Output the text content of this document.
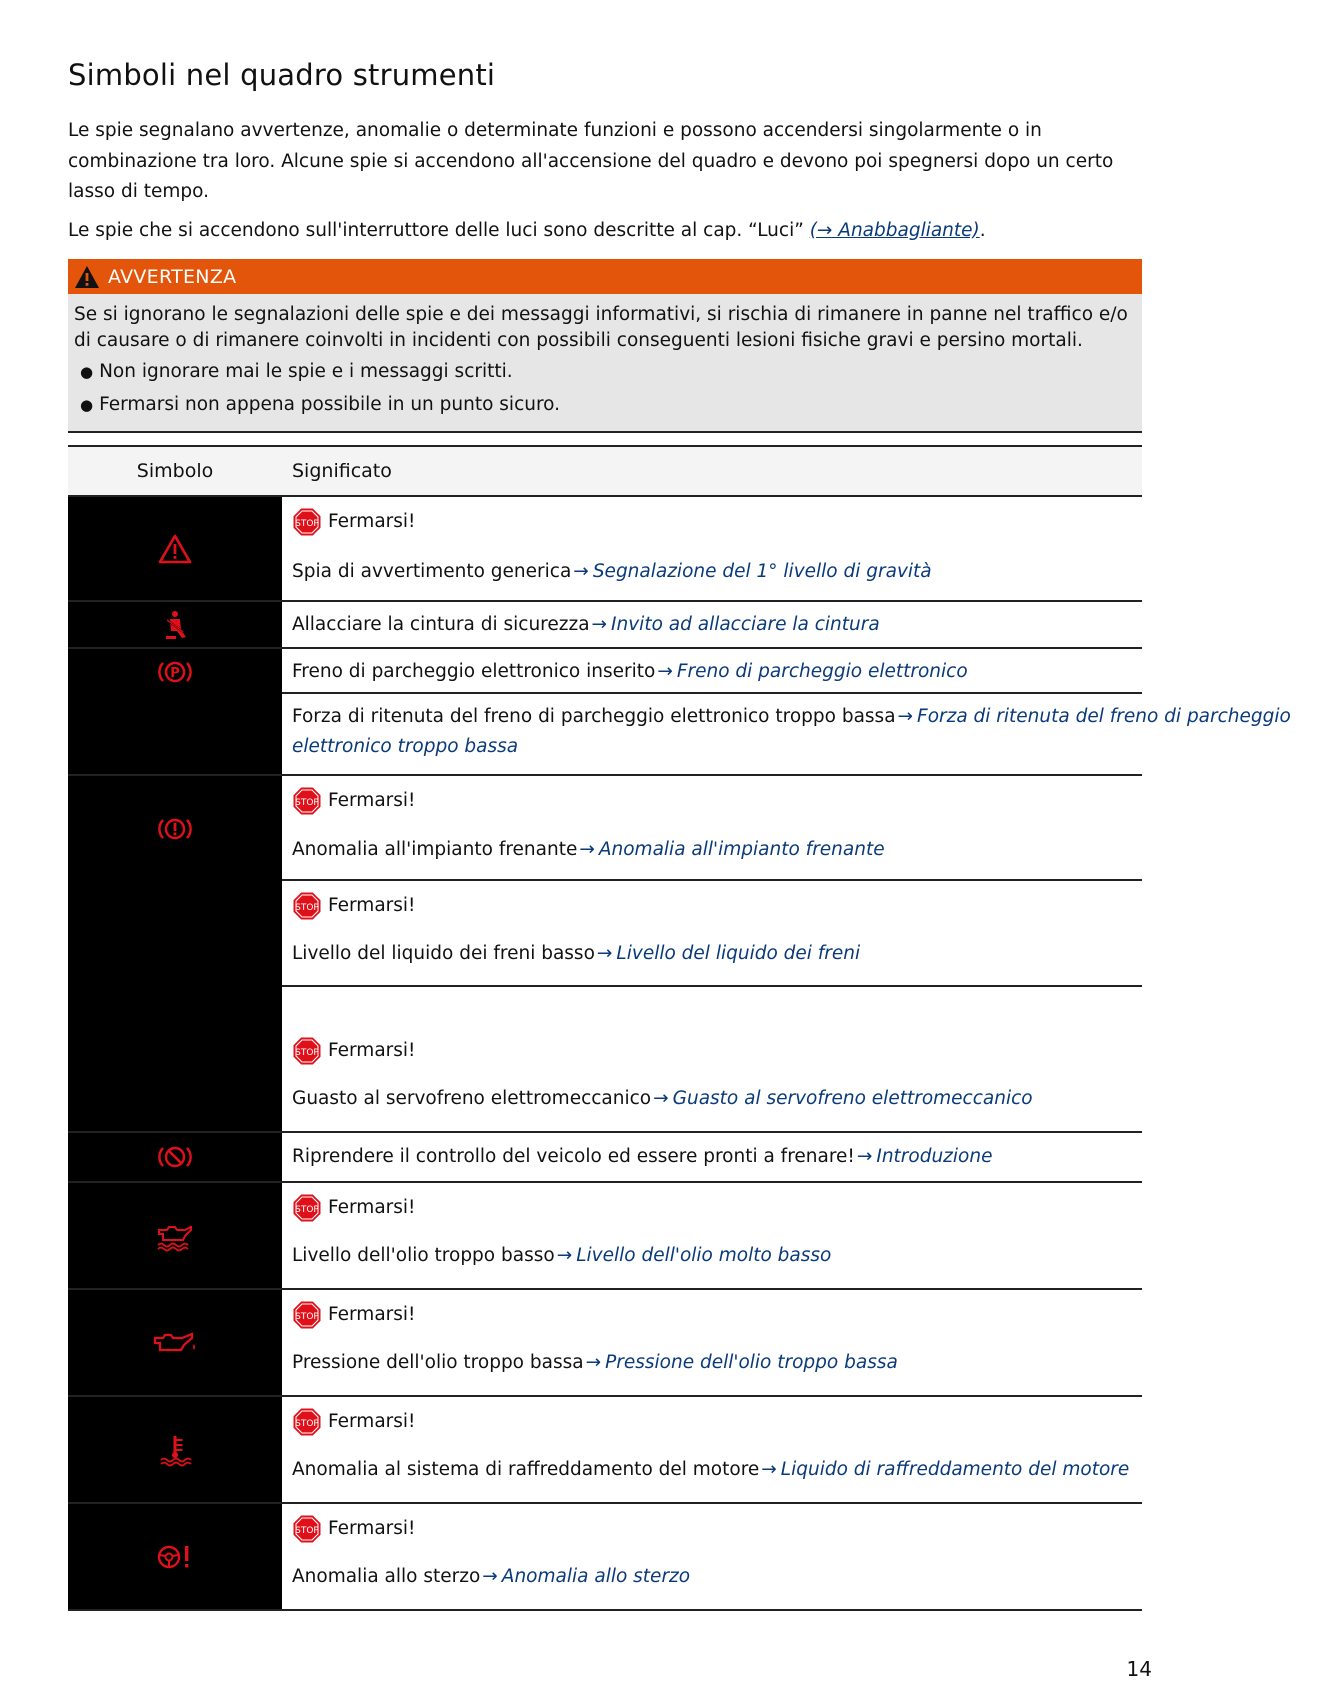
Simboli nel quadro strumenti

Le spie segnalano avvertenze, anomalie o determinate funzioni e possono accendersi singolarmente o in combinazione tra loro. Alcune spie si accendono all'accensione del quadro e devono poi spegnersi dopo un certo lasso di tempo.

Le spie che si accendono sull'interruttore delle luci sono descritte al cap. “Luci” (→ Anabbagliante).

AVVERTENZA

Se si ignorano le segnalazioni delle spie e dei messaggi informativi, si rischia di rimanere in panne nel traffico e/o di causare o di rimanere coinvolti in incidenti con possibili conseguenti lesioni fisiche gravi e persino mortali.

● Non ignorare mai le spie e i messaggi scritti.
● Fermarsi non appena possibile in un punto sicuro.
Simbolo	Significato
STOP Fermarsi!
Spia di avvertimento generica → Segnalazione del 1° livello di gravità
Allacciare la cintura di sicurezza → Invito ad allacciare la cintura
P	Freno di parcheggio elettronico inserito → Freno di parcheggio elettronico
Forza di ritenuta del freno di parcheggio elettronico troppo bassa → Forza di ritenuta del freno di parcheggio elettronico troppo bassa
STOP Fermarsi!
Anomalia all'impianto frenante → Anomalia all'impianto frenante
STOP Fermarsi!
Livello del liquido dei freni basso → Livello del liquido dei freni
STOP Fermarsi!
Guasto al servofreno elettromeccanico → Guasto al servofreno elettromeccanico
Riprendere il controllo del veicolo ed essere pronti a frenare! → Introduzione
STOP Fermarsi!
Livello dell'olio troppo basso → Livello dell'olio molto basso
STOP Fermarsi!
Pressione dell'olio troppo bassa → Pressione dell'olio troppo bassa
STOP Fermarsi!
Anomalia al sistema di raffreddamento del motore → Liquido di raffreddamento del motore
STOP Fermarsi!
Anomalia allo sterzo → Anomalia allo sterzo
14
